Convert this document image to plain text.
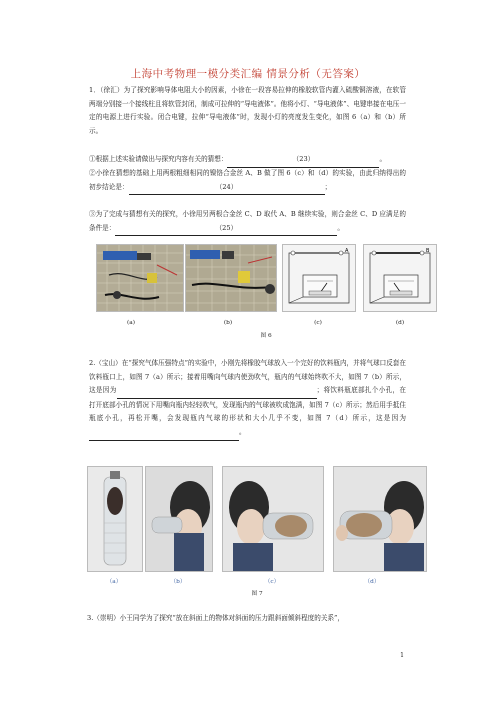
上海中考物理一模分类汇编 情景分析（无答案）
1．（徐汇）为了探究影响导体电阻大小的因素，小徐在一段容易拉伸的橡胶软管内灌入硫酸铜溶液，在软管两端分别接一个接线柱且将软管封闭，制成可拉伸的“导电液体”。他将小灯、“导电液体”、电键串接在电压一定的电源上进行实验。闭合电键，拉伸“导电液体”时，发现小灯的亮度发生变化，如图 6（a）和（b）所示。
①根据上述实验请做出与探究内容有关的猜想：	（23）	。
②小徐在猜想的基础上用两根粗细相同的镍铬合金丝 A、B 做了图 6（c）和（d）的实验，由此归纳得出的初步结论是：	（24）	；
③为了完成与猜想有关的探究，小徐用另两根合金丝 C、D 取代 A、B 继续实验，则合金丝 C、D 应满足的条件是：	（25）	。
A	B
(a)	(b)	(c)	(d)
图 6
2.（宝山）在“探究气体压强特点”的实验中，小刚先将橡胶气球放入一个完好的饮料瓶内，并将气球口反套在饮料瓶口上，如图 7（a）所示；接着用嘴向气球内使劲吹气，瓶内的气球始终吹不大，如图 7（b）所示，这是因为	；将饮料瓶底部扎个小孔，在打开底部小孔的情况下用嘴向瓶内轻轻吹气，发现瓶内的气球被吹成饱满，如图 7（c）所示；然后用手抵住瓶底小孔，再松开嘴，会发现瓶内气球的形状和大小几乎不变，如图 7（d）所示，这是因为。
（a）	（b）	（c）	（d）
图 7
3.（崇明）小王同学为了探究“放在斜面上的物体对斜面的压力跟斜面倾斜程度的关系”，
1
